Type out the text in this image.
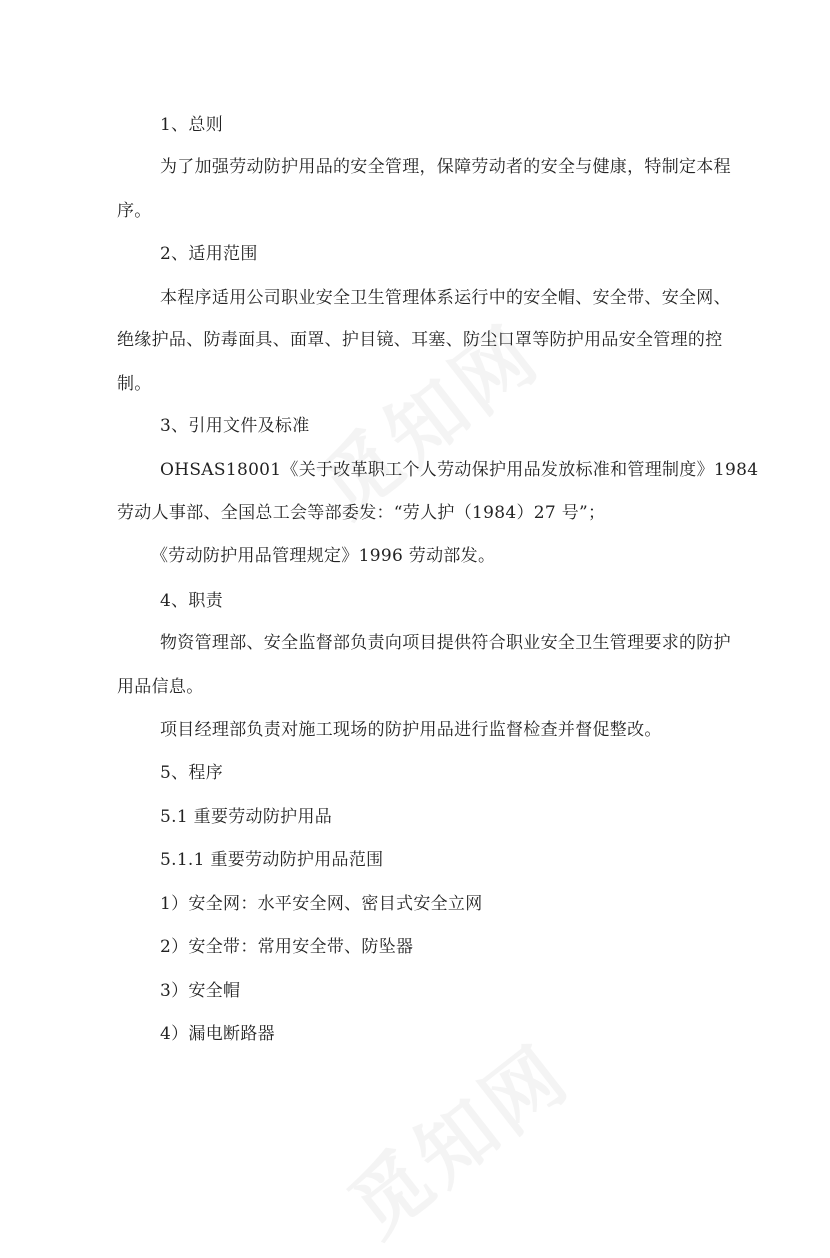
1、总则
为了加强劳动防护用品的安全管理，保障劳动者的安全与健康，特制定本程
序。
2、适用范围
本程序适用公司职业安全卫生管理体系运行中的安全帽、安全带、安全网、
绝缘护品、防毒面具、面罩、护目镜、耳塞、防尘口罩等防护用品安全管理的控
制。
3、引用文件及标准
OHSAS18001《关于改革职工个人劳动保护用品发放标准和管理制度》1984
劳动人事部、全国总工会等部委发：“劳人护（1984）27 号”；
《劳动防护用品管理规定》1996 劳动部发。
4、职责
物资管理部、安全监督部负责向项目提供符合职业安全卫生管理要求的防护
用品信息。
项目经理部负责对施工现场的防护用品进行监督检查并督促整改。
5、程序
5.1 重要劳动防护用品
5.1.1 重要劳动防护用品范围
1）安全网：水平安全网、密目式安全立网
2）安全带：常用安全带、防坠器
3）安全帽
4）漏电断路器
